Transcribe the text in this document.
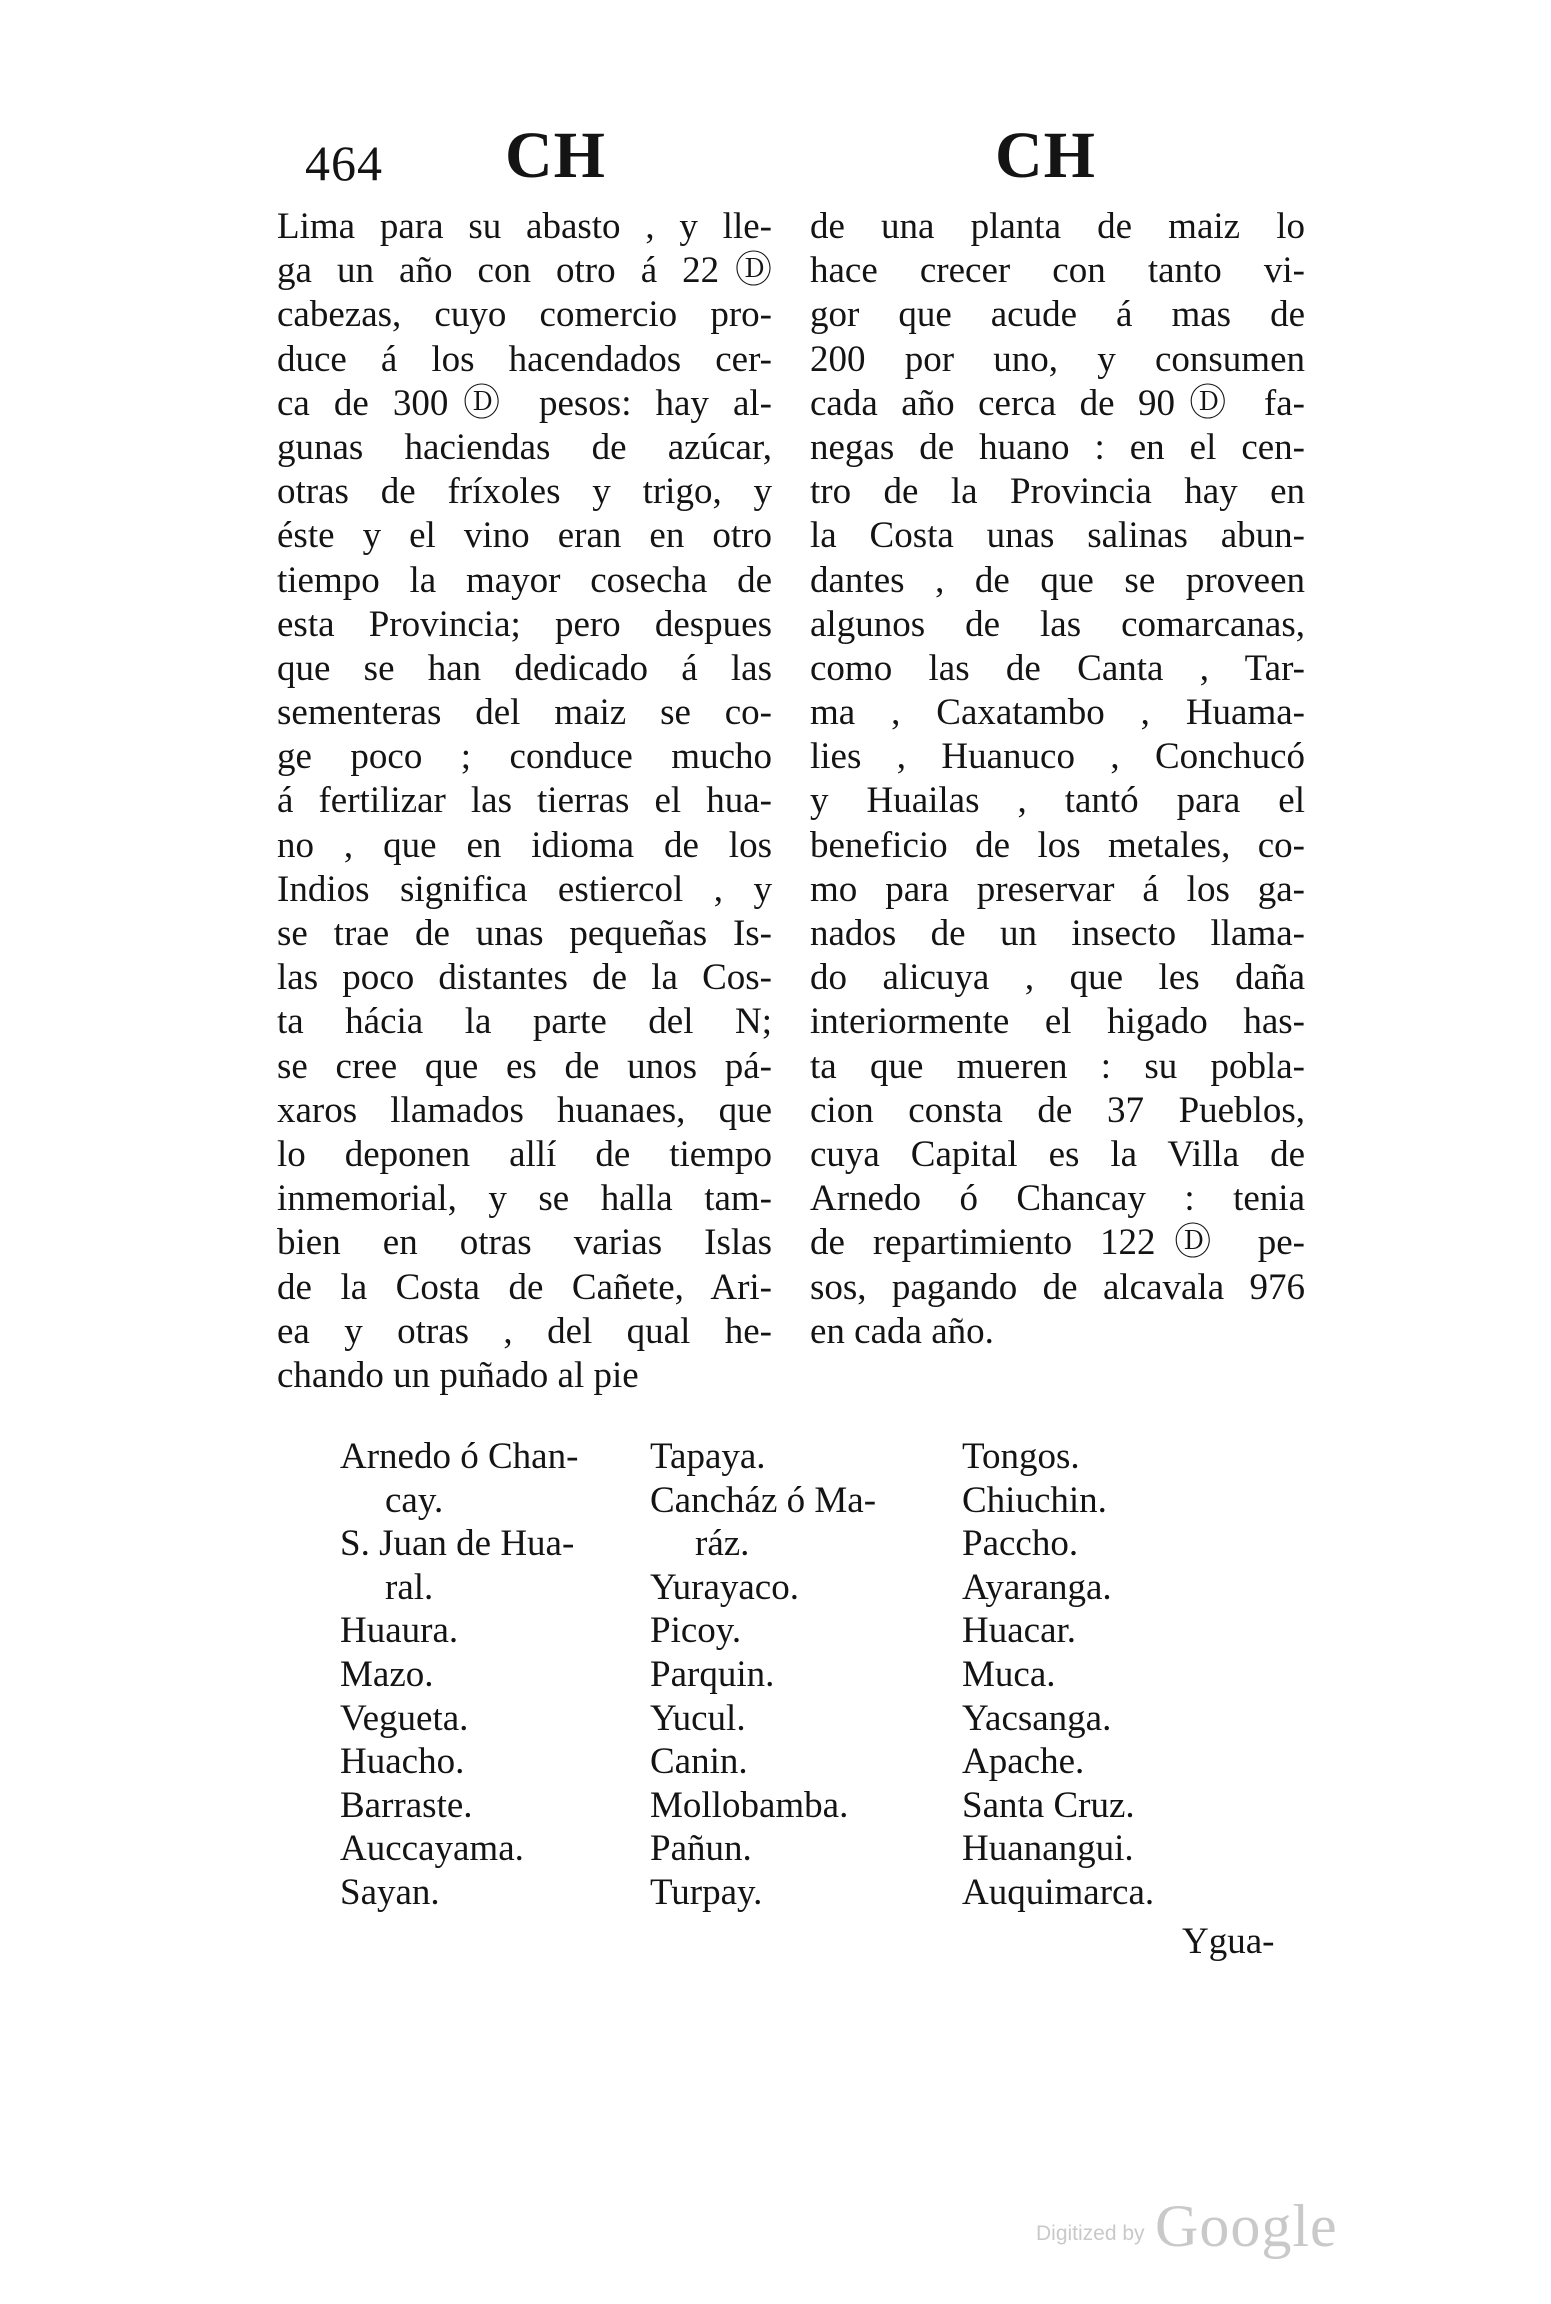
464 CH	CH
Lima para su abasto , y lle-
ga un año con otro á 22Ⓓ
cabezas, cuyo comercio pro-
duce á los hacendados cer-
ca de 300Ⓓ pesos: hay al-
gunas haciendas de azúcar,
otras de fríxoles y trigo, y
éste y el vino eran en otro
tiempo la mayor cosecha de
esta Provincia; pero despues
que se han dedicado á las
sementeras del maiz se co-
ge poco ; conduce mucho
á fertilizar las tierras el hua-
no , que en idioma de los
Indios significa estiercol , y
se trae de unas pequeñas Is-
las poco distantes de la Cos-
ta hácia la parte del N;
se cree que es de unos pá-
xaros llamados huanaes, que
lo deponen allí de tiempo
inmemorial, y se halla tam-
bien en otras varias Islas
de la Costa de Cañete, Ari-
ea y otras , del qual he-
chando un puñado al pie
de una planta de maiz lo
hace crecer con tanto vi-
gor que acude á mas de
200 por uno, y consumen
cada año cerca de 90Ⓓ fa-
negas de huano : en el cen-
tro de la Provincia hay en
la Costa unas salinas abun-
dantes , de que se proveen
algunos de las comarcanas,
como las de Canta , Tar-
ma , Caxatambo , Huama-
lies , Huanuco , Conchucó
y Huailas , tantó para el
beneficio de los metales, co-
mo para preservar á los ga-
nados de un insecto llama-
do alicuya , que les daña
interiormente el higado has-
ta que mueren : su pobla-
cion consta de 37 Pueblos,
cuya Capital es la Villa de
Arnedo ó Chancay : tenia
de repartimiento 122Ⓓ pe-
sos, pagando de alcavala 976
en cada año.
Arnedo ó Chan-
cay.
S. Juan de Hua-
ral.
Huaura.
Mazo.
Vegueta.
Huacho.
Barraste.
Auccayama.
Sayan.
Tapaya.
Cancház ó Ma-
ráz.
Yurayaco.
Picoy.
Parquin.
Yucul.
Canin.
Mollobamba.
Pañun.
Turpay.
Tongos.
Chiuchin.
Paccho.
Ayaranga.
Huacar.
Muca.
Yacsanga.
Apache.
Santa Cruz.
Huanangui.
Auquimarca.
Ygua-
Digitized by Google
